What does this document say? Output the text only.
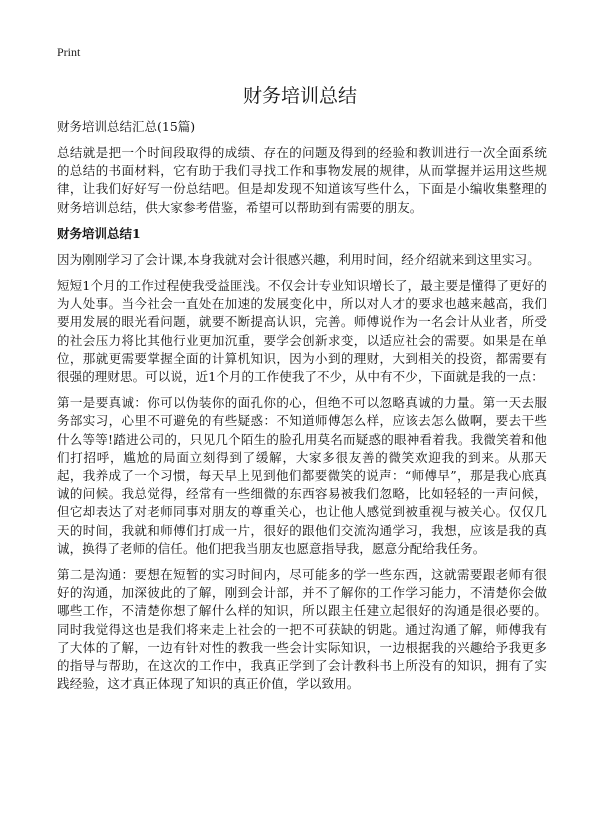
Print
财务培训总结

财务培训总结汇总(15篇)

总结就是把一个时间段取得的成绩、存在的问题及得到的经验和教训进行一次全面系统的总结的书面材料，它有助于我们寻找工作和事物发展的规律，从而掌握并运用这些规律，让我们好好写一份总结吧。但是却发现不知道该写些什么，下面是小编收集整理的财务培训总结，供大家参考借鉴，希望可以帮助到有需要的朋友。

财务培训总结1

因为刚刚学习了会计课,本身我就对会计很感兴趣，利用时间，经介绍就来到这里实习。

短短1个月的工作过程使我受益匪浅。不仅会计专业知识增长了，最主要是懂得了更好的为人处事。当今社会一直处在加速的发展变化中，所以对人才的要求也越来越高，我们要用发展的眼光看问题，就要不断提高认识，完善。师傅说作为一名会计从业者，所受的社会压力将比其他行业更加沉重，要学会创新求变，以适应社会的需要。如果是在单位，那就更需要掌握全面的计算机知识，因为小到的理财，大到相关的投资，都需要有很强的理财思。可以说，近1个月的工作使我了不少，从中有不少，下面就是我的一点：

第一是要真诚：你可以伪装你的面孔你的心，但绝不可以忽略真诚的力量。第一天去服务部实习，心里不可避免的有些疑惑：不知道师傅怎么样，应该去怎么做啊，要去干些什么等等!踏进公司的，只见几个陌生的脸孔用莫名而疑惑的眼神看着我。我微笑着和他们打招呼，尴尬的局面立刻得到了缓解，大家多很友善的微笑欢迎我的到来。从那天起，我养成了一个习惯，每天早上见到他们都要微笑的说声：“师傅早”，那是我心底真诚的问候。我总觉得，经常有一些细微的东西容易被我们忽略，比如轻轻的一声问候，但它却表达了对老师同事对朋友的尊重关心，也让他人感觉到被重视与被关心。仅仅几天的时间，我就和师傅们打成一片，很好的跟他们交流沟通学习，我想，应该是我的真诚，换得了老师的信任。他们把我当朋友也愿意指导我，愿意分配给我任务。

第二是沟通：要想在短暂的实习时间内，尽可能多的学一些东西，这就需要跟老师有很好的沟通，加深彼此的了解，刚到会计部，并不了解你的工作学习能力，不清楚你会做哪些工作，不清楚你想了解什么样的知识，所以跟主任建立起很好的沟通是很必要的。同时我觉得这也是我们将来走上社会的一把不可获缺的钥匙。通过沟通了解，师傅我有了大体的了解，一边有针对性的教我一些会计实际知识，一边根据我的兴趣给予我更多的指导与帮助，在这次的工作中，我真正学到了会计教科书上所没有的知识，拥有了实践经验，这才真正体现了知识的真正价值，学以致用。
